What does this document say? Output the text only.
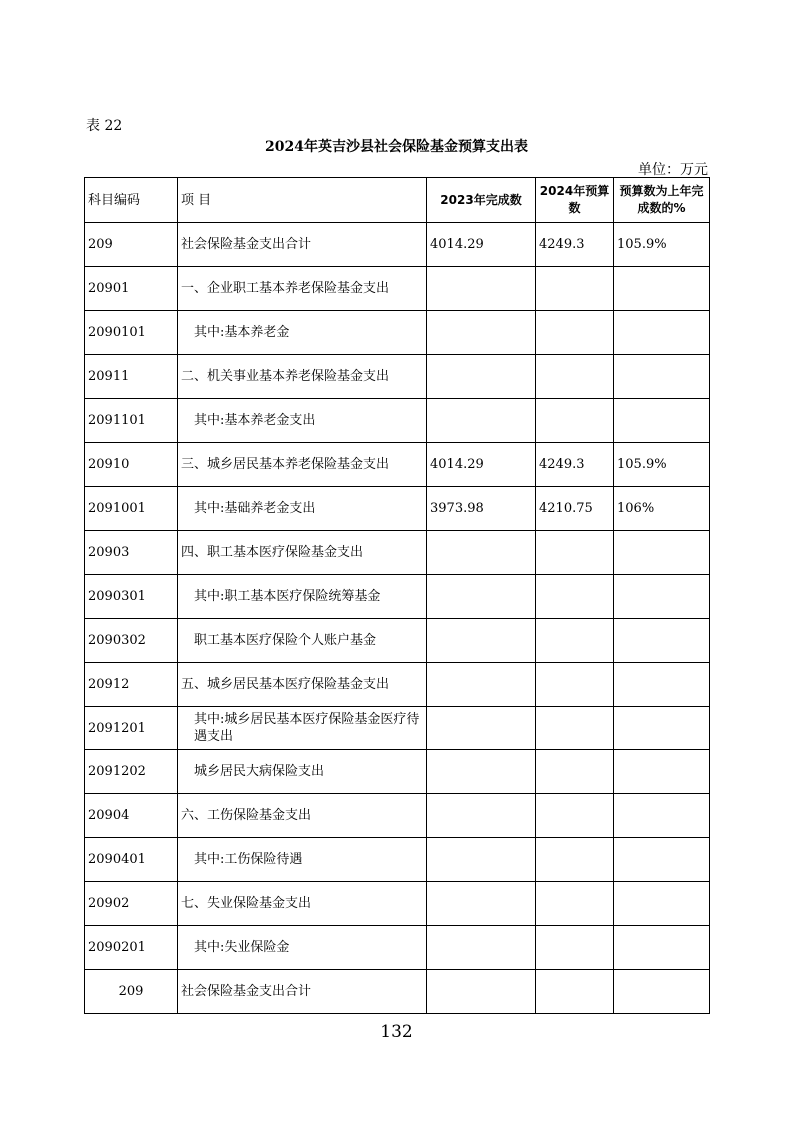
表 22
2024年英吉沙县社会保险基金预算支出表
单位：万元
科目编码	项 目	2023年完成数	2024年预算数	预算数为上年完成数的%
209	社会保险基金支出合计	4014.29	4249.3	105.9%
20901	一、企业职工基本养老保险基金支出			
2090101	其中:基本养老金			
20911	二、机关事业基本养老保险基金支出			
2091101	其中:基本养老金支出			
20910	三、城乡居民基本养老保险基金支出	4014.29	4249.3	105.9%
2091001	其中:基础养老金支出	3973.98	4210.75	106%
20903	四、职工基本医疗保险基金支出			
2090301	其中:职工基本医疗保险统筹基金			
2090302	职工基本医疗保险个人账户基金			
20912	五、城乡居民基本医疗保险基金支出			
2091201	其中:城乡居民基本医疗保险基金医疗待遇支出			
2091202	城乡居民大病保险支出			
20904	六、工伤保险基金支出			
2090401	其中:工伤保险待遇			
20902	七、失业保险基金支出			
2090201	其中:失业保险金			
209	社会保险基金支出合计			
132
